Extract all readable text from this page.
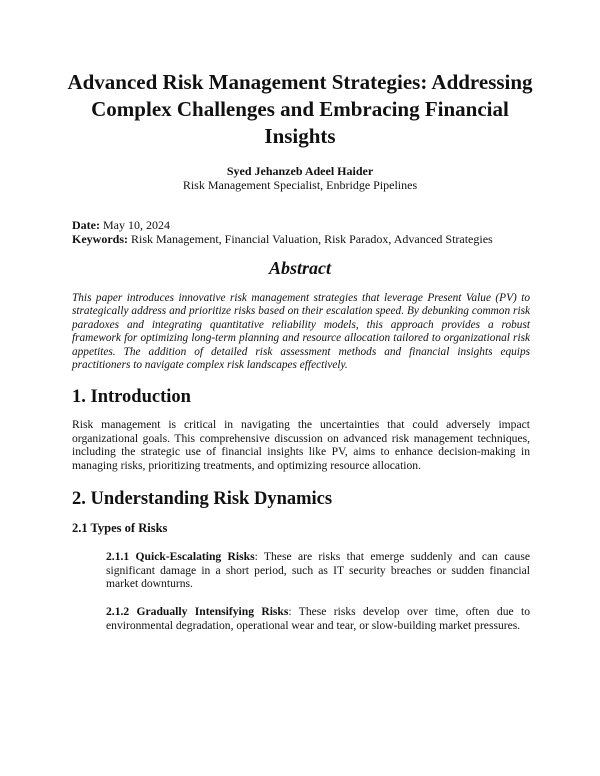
Advanced Risk Management Strategies: Addressing Complex Challenges and Embracing Financial Insights
Syed Jehanzeb Adeel Haider
Risk Management Specialist, Enbridge Pipelines
Date: May 10, 2024
Keywords: Risk Management, Financial Valuation, Risk Paradox, Advanced Strategies
Abstract

This paper introduces innovative risk management strategies that leverage Present Value (PV) to strategically address and prioritize risks based on their escalation speed. By debunking common risk paradoxes and integrating quantitative reliability models, this approach provides a robust framework for optimizing long-term planning and resource allocation tailored to organizational risk appetites. The addition of detailed risk assessment methods and financial insights equips practitioners to navigate complex risk landscapes effectively.

1. Introduction

Risk management is critical in navigating the uncertainties that could adversely impact organizational goals. This comprehensive discussion on advanced risk management techniques, including the strategic use of financial insights like PV, aims to enhance decision-making in managing risks, prioritizing treatments, and optimizing resource allocation.

2. Understanding Risk Dynamics
2.1 Types of Risks

2.1.1 Quick-Escalating Risks: These are risks that emerge suddenly and can cause significant damage in a short period, such as IT security breaches or sudden financial market downturns.

2.1.2 Gradually Intensifying Risks: These risks develop over time, often due to environmental degradation, operational wear and tear, or slow-building market pressures.
